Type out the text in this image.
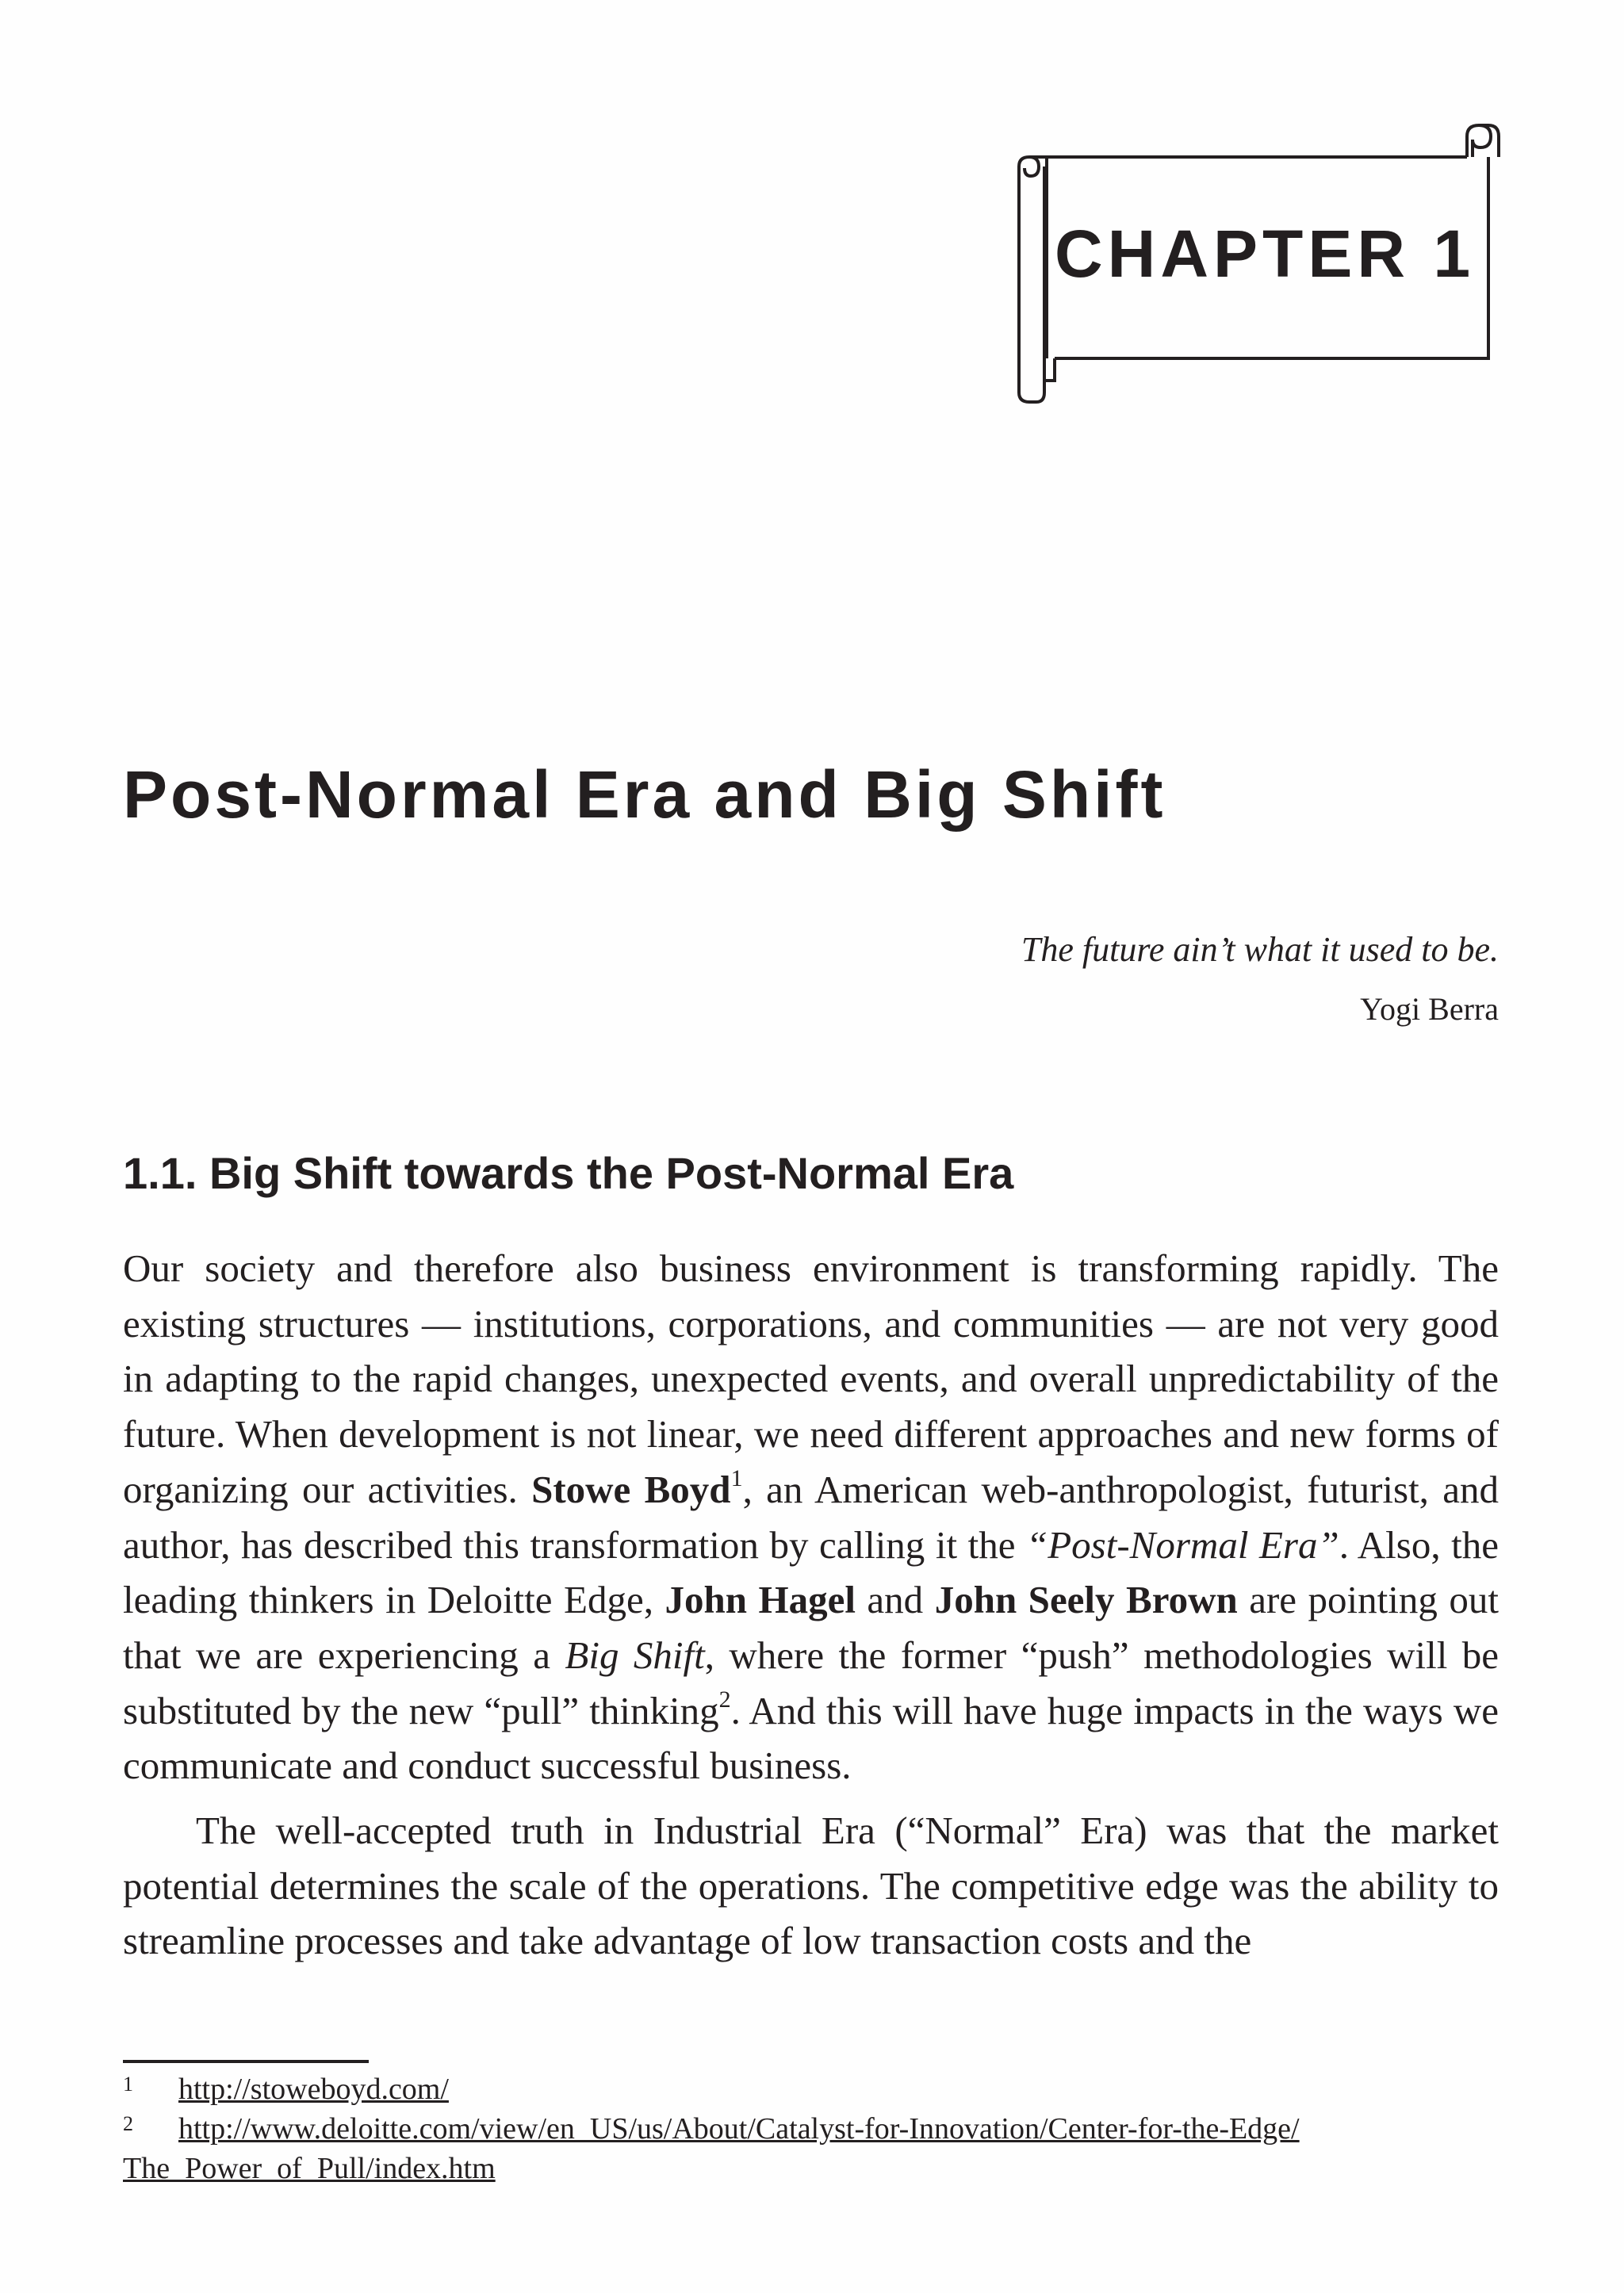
CHAPTER 1
Post-Normal Era and Big Shift
The future ain’t what it used to be.
Yogi Berra
1.1. Big Shift towards the Post-Normal Era

Our society and therefore also business environment is transforming rapidly. The existing structures — institutions, corporations, and communities — are not very good in adapting to the rapid changes, unexpected events, and overall unpredictability of the future. When development is not linear, we need different approaches and new forms of organizing our activities. Stowe Boyd$^1$, an American web-anthropologist, futurist, and author, has described this transformation by calling it the “Post-Normal Era”. Also, the leading thinkers in Deloitte Edge, John Hagel and John Seely Brown are pointing out that we are experiencing a Big Shift, where the former “push” methodologies will be substituted by the new “pull” thinking$^2$. And this will have huge impacts in the ways we communicate and conduct successful business.

The well-accepted truth in Industrial Era (“Normal” Era) was that the market potential determines the scale of the operations. The competitive edge was the ability to streamline processes and take advantage of low transaction costs and the

1 http://stoweboyd.com/
2 http://www.deloitte.com/view/en_US/us/About/Catalyst-for-Innovation/Center-for-the-Edge/
The_Power_of_Pull/index.htm
